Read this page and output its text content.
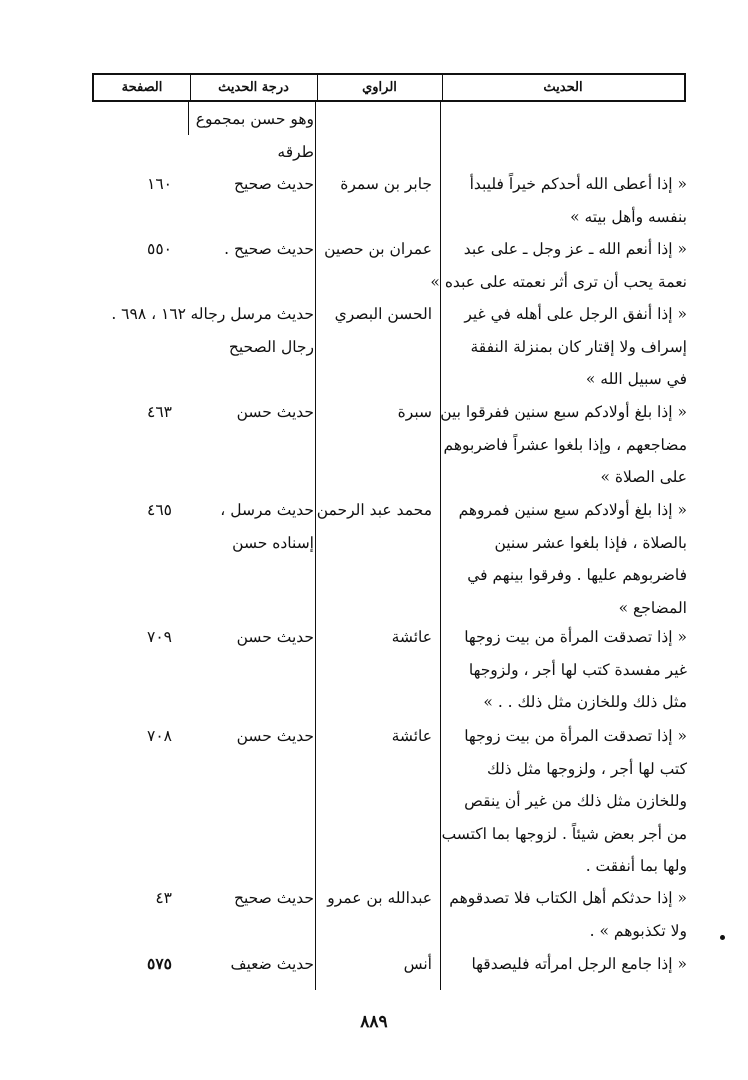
الحديث
الراوي
درجة الحديث
الصفحة
وهو حسن بمجموع
طرقه
« إذا أعطى الله أحدكم خيراً فليبدأ
بنفسه وأهل بيته »
جابر بن سمرة
حديث صحيح
١٦٠
« إذا أنعم الله ـ عز وجل ـ على عبد
نعمة يحب أن ترى أثر نعمته على عبده »
عمران بن حصين
حديث صحيح .
٥٥٠
« إذا أنفق الرجل على أهله في غير
إسراف ولا إقتار كان بمنزلة النفقة
في سبيل الله »
الحسن البصري
حديث مرسل رجاله
رجال الصحيح
١٦٢ ، ٦٩٨ .
« إذا بلغ أولادكم سبع سنين ففرقوا بين
مضاجعهم ، وإذا بلغوا عشراً فاضربوهم
على الصلاة »
سبرة
حديث حسن
٤٦٣
« إذا بلغ أولادكم سبع سنين فمروهم
بالصلاة ، فإذا بلغوا عشر سنين
فاضربوهم عليها . وفرقوا بينهم في
المضاجع »
محمد عبد الرحمن
حديث مرسل ،
إسناده حسن
٤٦٥
« إذا تصدقت المرأة من بيت زوجها
غير مفسدة كتب لها أجر ، ولزوجها
مثل ذلك وللخازن مثل ذلك . . »
عائشة
حديث حسن
٧٠٩
« إذا تصدقت المرأة من بيت زوجها
كتب لها أجر ، ولزوجها مثل ذلك
وللخازن مثل ذلك من غير أن ينقص
من أجر بعض شيئاً . لزوجها بما اكتسب
ولها بما أنفقت .
عائشة
حديث حسن
٧٠٨
« إذا حدثكم أهل الكتاب فلا تصدقوهم
ولا تكذبوهم » .
عبدالله بن عمرو
حديث صحيح
٤٣
« إذا جامع الرجل امرأته فليصدقها
أنس
حديث ضعيف
٥٧٥
٨٨٩
